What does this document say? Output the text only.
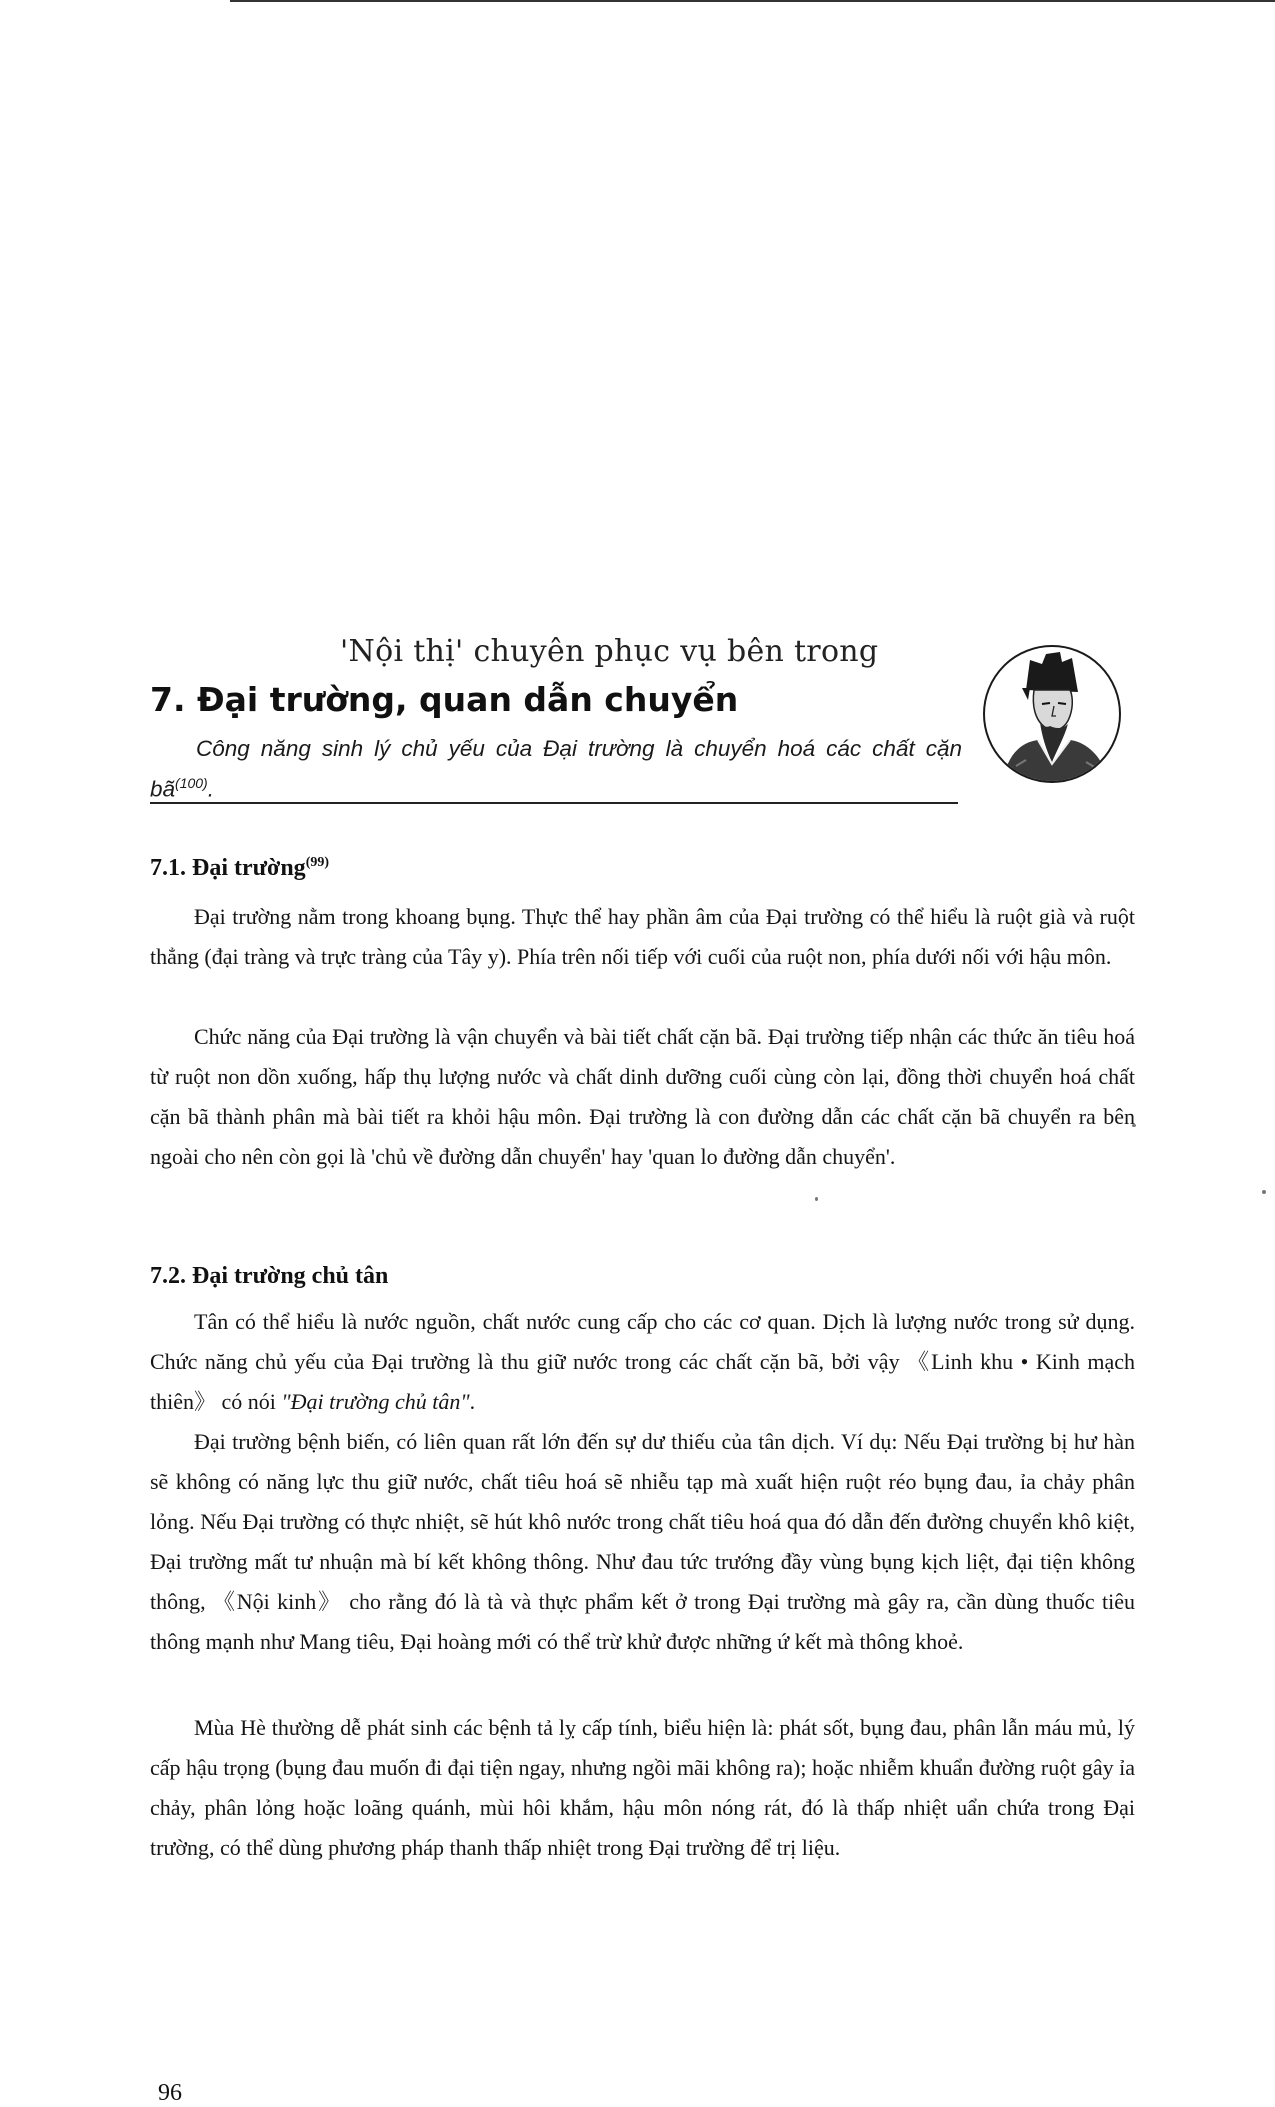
'Nội thị' chuyên phục vụ bên trong
7. Đại trường, quan dẫn chuyển
Công năng sinh lý chủ yếu của Đại trường là chuyển hoá các chất cặn $bã^{(100)}$.
7.1. Đại trường$^{(99)}$
Đại trường nằm trong khoang bụng. Thực thể hay phần âm của Đại trường có thể hiểu là ruột già và ruột thẳng (đại tràng và trực tràng của Tây y). Phía trên nối tiếp với cuối của ruột non, phía dưới nối với hậu môn.
Chức năng của Đại trường là vận chuyển và bài tiết chất cặn bã. Đại trường tiếp nhận các thức ăn tiêu hoá từ ruột non dồn xuống, hấp thụ lượng nước và chất dinh dưỡng cuối cùng còn lại, đồng thời chuyển hoá chất cặn bã thành phân mà bài tiết ra khỏi hậu môn. Đại trường là con đường dẫn các chất cặn bã chuyển ra bên ngoài cho nên còn gọi là 'chủ về đường dẫn chuyển' hay 'quan lo đường dẫn chuyển'.
7.2. Đại trường chủ tân
Tân có thể hiểu là nước nguồn, chất nước cung cấp cho các cơ quan. Dịch là lượng nước trong sử dụng. Chức năng chủ yếu của Đại trường là thu giữ nước trong các chất cặn bã, bởi vậy 《Linh khu • Kinh mạch thiên》 có nói "Đại trường chủ tân".
Đại trường bệnh biến, có liên quan rất lớn đến sự dư thiếu của tân dịch. Ví dụ: Nếu Đại trường bị hư hàn sẽ không có năng lực thu giữ nước, chất tiêu hoá sẽ nhiễu tạp mà xuất hiện ruột réo bụng đau, ỉa chảy phân lỏng. Nếu Đại trường có thực nhiệt, sẽ hút khô nước trong chất tiêu hoá qua đó dẫn đến đường chuyển khô kiệt, Đại trường mất tư nhuận mà bí kết không thông. Như đau tức trướng đầy vùng bụng kịch liệt, đại tiện không thông, 《Nội kinh》 cho rằng đó là tà và thực phẩm kết ở trong Đại trường mà gây ra, cần dùng thuốc tiêu thông mạnh như Mang tiêu, Đại hoàng mới có thể trừ khử được những ứ kết mà thông khoẻ.
Mùa Hè thường dễ phát sinh các bệnh tả lỵ cấp tính, biểu hiện là: phát sốt, bụng đau, phân lẫn máu mủ, lý cấp hậu trọng (bụng đau muốn đi đại tiện ngay, nhưng ngồi mãi không ra); hoặc nhiễm khuẩn đường ruột gây ỉa chảy, phân lỏng hoặc loãng quánh, mùi hôi khắm, hậu môn nóng rát, đó là thấp nhiệt uẩn chứa trong Đại trường, có thể dùng phương pháp thanh thấp nhiệt trong Đại trường để trị liệu.
96
